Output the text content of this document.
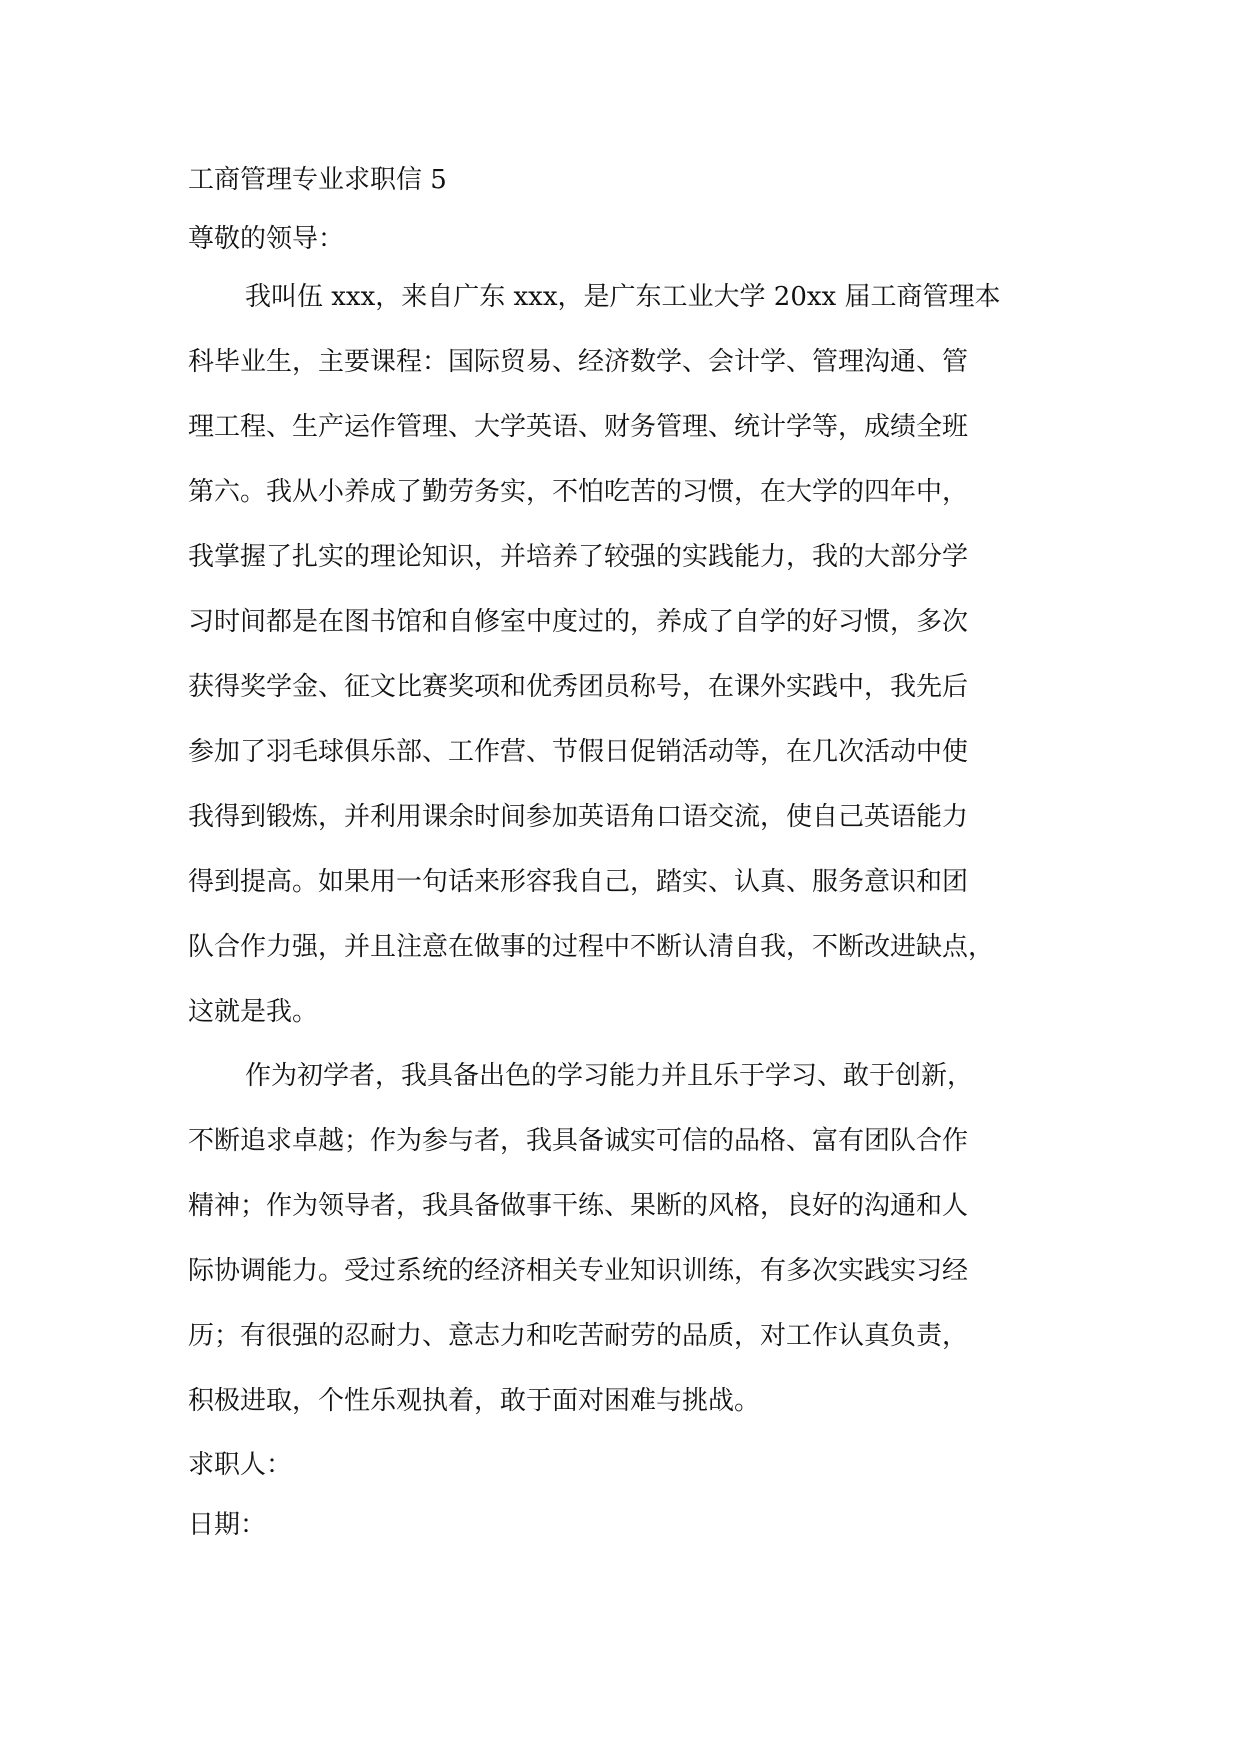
工商管理专业求职信 5

尊敬的领导：

我叫伍 xxx，来自广东 xxx，是广东工业大学 20xx 届工商管理本

科毕业生，主要课程：国际贸易、经济数学、会计学、管理沟通、管

理工程、生产运作管理、大学英语、财务管理、统计学等，成绩全班

第六。我从小养成了勤劳务实，不怕吃苦的习惯，在大学的四年中，

我掌握了扎实的理论知识，并培养了较强的实践能力，我的大部分学

习时间都是在图书馆和自修室中度过的，养成了自学的好习惯，多次

获得奖学金、征文比赛奖项和优秀团员称号，在课外实践中，我先后

参加了羽毛球俱乐部、工作营、节假日促销活动等，在几次活动中使

我得到锻炼，并利用课余时间参加英语角口语交流，使自己英语能力

得到提高。如果用一句话来形容我自己，踏实、认真、服务意识和团

队合作力强，并且注意在做事的过程中不断认清自我，不断改进缺点，

这就是我。

作为初学者，我具备出色的学习能力并且乐于学习、敢于创新，

不断追求卓越；作为参与者，我具备诚实可信的品格、富有团队合作

精神；作为领导者，我具备做事干练、果断的风格，良好的沟通和人

际协调能力。受过系统的经济相关专业知识训练，有多次实践实习经

历；有很强的忍耐力、意志力和吃苦耐劳的品质，对工作认真负责，

积极进取，个性乐观执着，敢于面对困难与挑战。

求职人：

日期：
